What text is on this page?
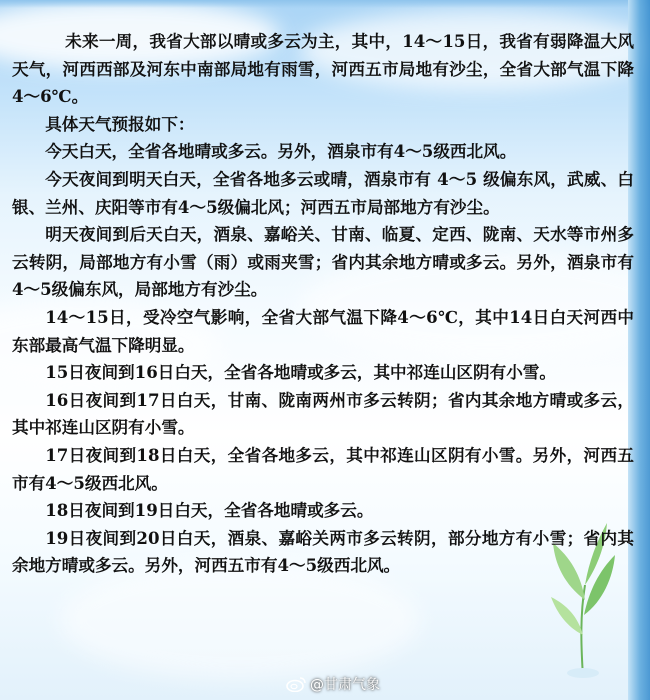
未来一周，我省大部以晴或多云为主，其中，14～15日，我省有弱降温大风天气，河西西部及河东中南部局地有雨雪，河西五市局地有沙尘，全省大部气温下降4～6℃。

具体天气预报如下：

今天白天，全省各地晴或多云。另外，酒泉市有4～5级西北风。

今天夜间到明天白天，全省各地多云或晴，酒泉市有 4～5 级偏东风，武威、白银、兰州、庆阳等市有4～5级偏北风；河西五市局部地方有沙尘。

明天夜间到后天白天，酒泉、嘉峪关、甘南、临夏、定西、陇南、天水等市州多云转阴，局部地方有小雪（雨）或雨夹雪；省内其余地方晴或多云。另外，酒泉市有4～5级偏东风，局部地方有沙尘。

14～15日，受冷空气影响，全省大部气温下降4～6℃，其中14日白天河西中东部最高气温下降明显。

15日夜间到16日白天，全省各地晴或多云，其中祁连山区阴有小雪。

16日夜间到17日白天，甘南、陇南两州市多云转阴；省内其余地方晴或多云，其中祁连山区阴有小雪。

17日夜间到18日白天，全省各地多云，其中祁连山区阴有小雪。另外，河西五市有4～5级西北风。

18日夜间到19日白天，全省各地晴或多云。

19日夜间到20日白天，酒泉、嘉峪关两市多云转阴，部分地方有小雪；省内其余地方晴或多云。另外，河西五市有4～5级西北风。

@甘肃气象
